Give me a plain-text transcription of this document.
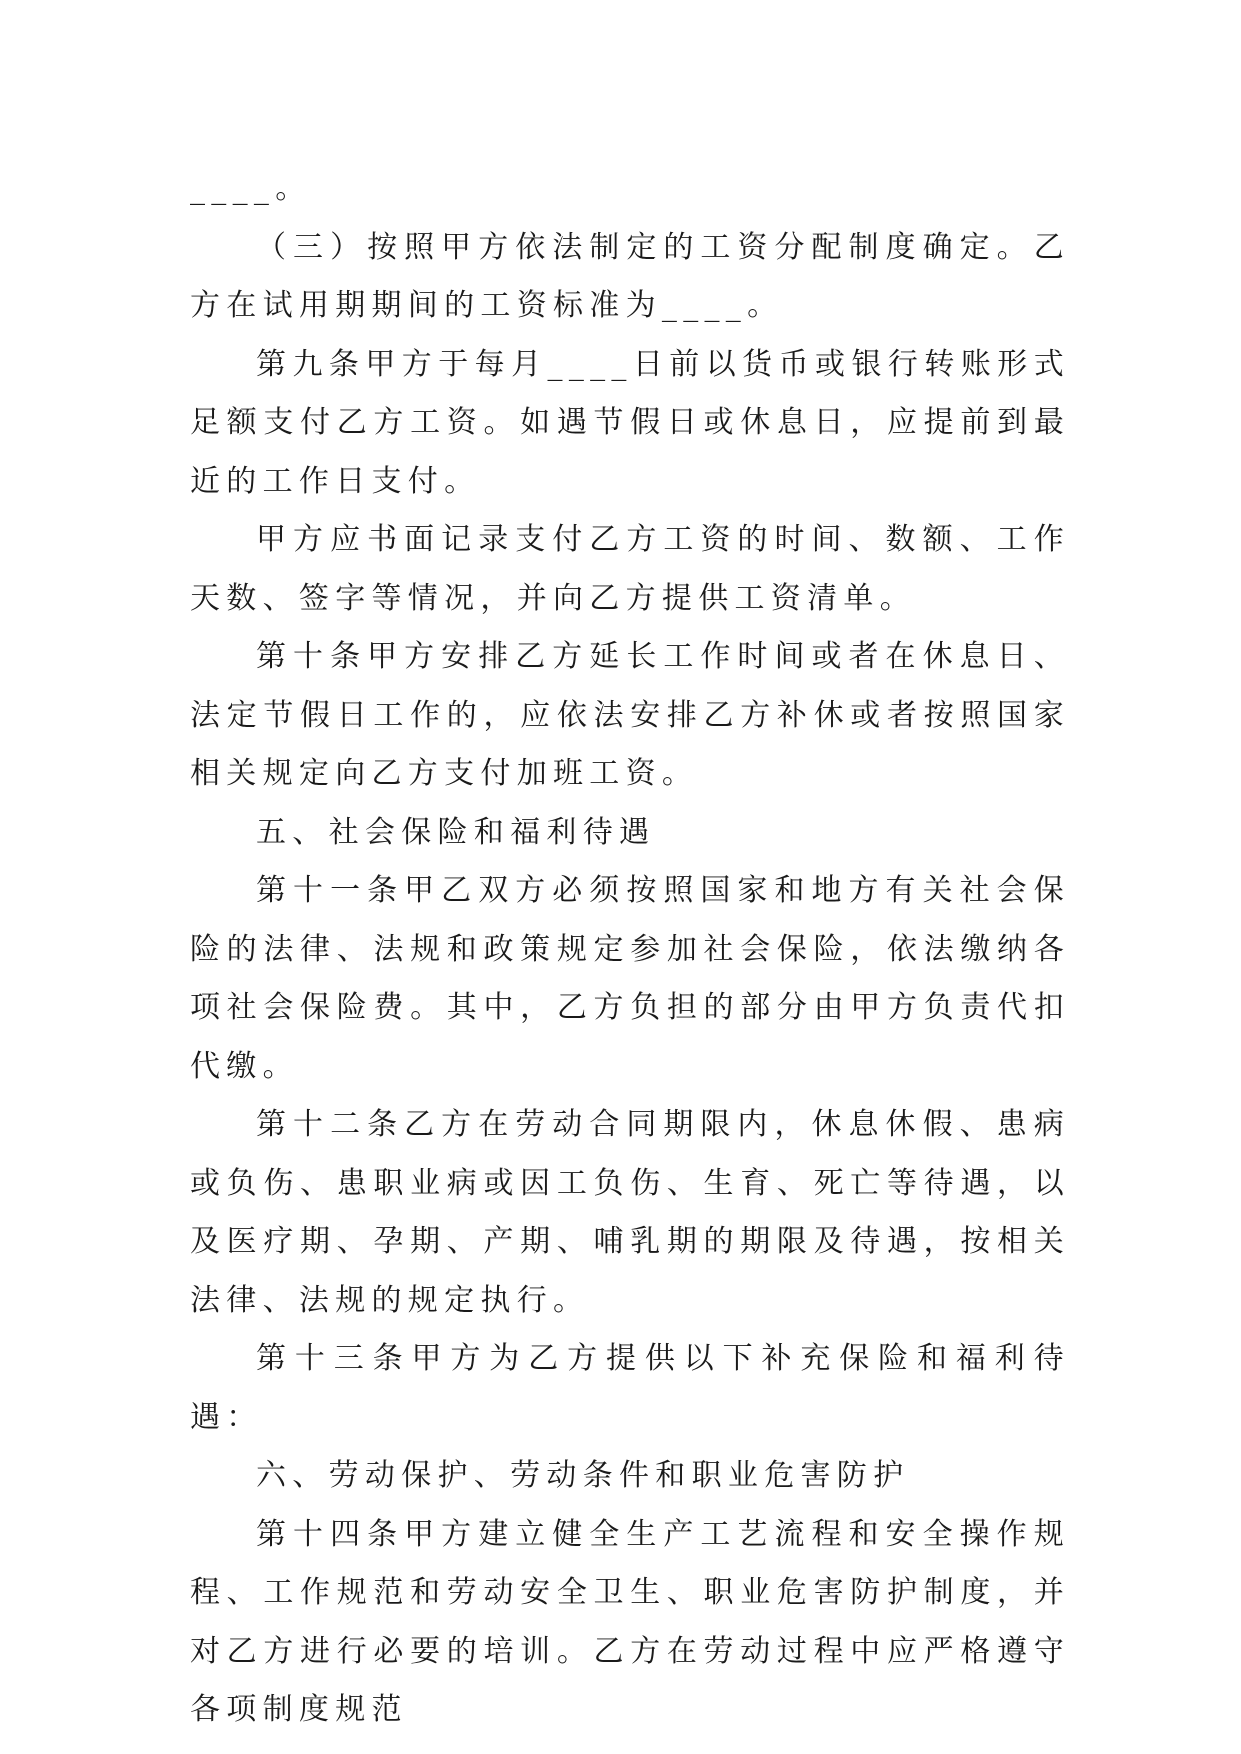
____。

（三）按照甲方依法制定的工资分配制度确定。乙方在试用期期间的工资标准为____。

第九条甲方于每月____日前以货币或银行转账形式足额支付乙方工资。如遇节假日或休息日，应提前到最近的工作日支付。

甲方应书面记录支付乙方工资的时间、数额、工作天数、签字等情况，并向乙方提供工资清单。

第十条甲方安排乙方延长工作时间或者在休息日、法定节假日工作的，应依法安排乙方补休或者按照国家相关规定向乙方支付加班工资。

五、社会保险和福利待遇

第十一条甲乙双方必须按照国家和地方有关社会保险的法律、法规和政策规定参加社会保险，依法缴纳各项社会保险费。其中，乙方负担的部分由甲方负责代扣代缴。

第十二条乙方在劳动合同期限内，休息休假、患病或负伤、患职业病或因工负伤、生育、死亡等待遇，以及医疗期、孕期、产期、哺乳期的期限及待遇，按相关法律、法规的规定执行。

第十三条甲方为乙方提供以下补充保险和福利待遇：

六、劳动保护、劳动条件和职业危害防护

第十四条甲方建立健全生产工艺流程和安全操作规程、工作规范和劳动安全卫生、职业危害防护制度，并对乙方进行必要的培训。乙方在劳动过程中应严格遵守各项制度规范
